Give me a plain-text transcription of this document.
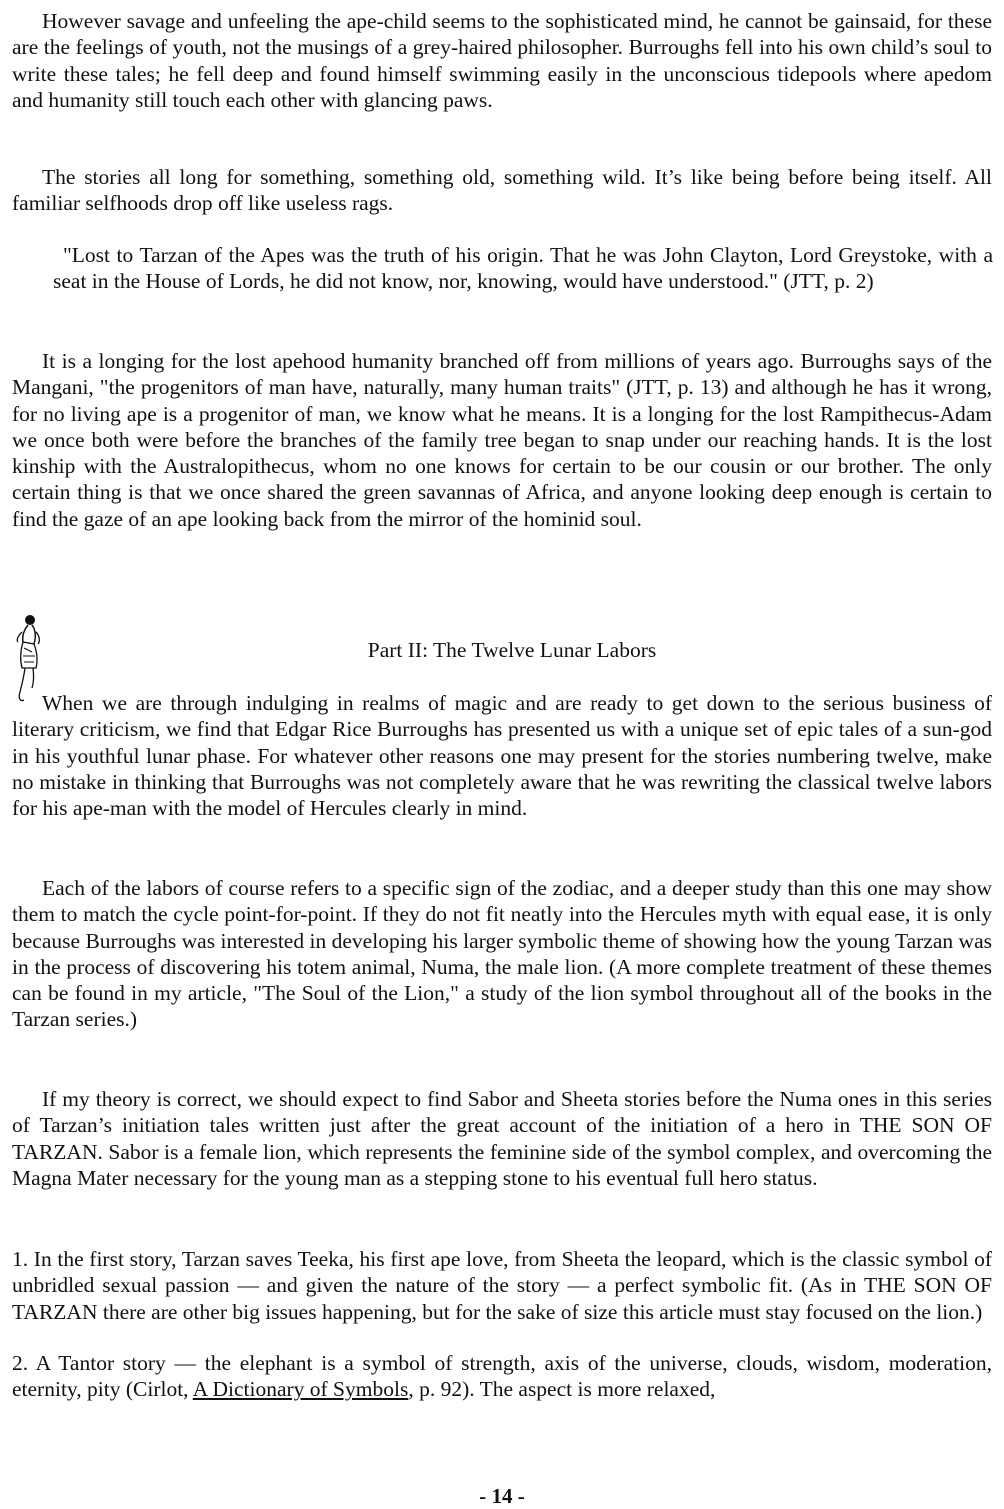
However savage and unfeeling the ape-child seems to the sophisticated mind, he cannot be gainsaid, for these are the feelings of youth, not the musings of a grey-haired philosopher. Burroughs fell into his own child’s soul to write these tales; he fell deep and found himself swimming easily in the unconscious tidepools where apedom and humanity still touch each other with glancing paws.

The stories all long for something, something old, something wild. It’s like being before being itself. All familiar selfhoods drop off like useless rags.

"Lost to Tarzan of the Apes was the truth of his origin. That he was John Clayton, Lord Greystoke, with a seat in the House of Lords, he did not know, nor, knowing, would have understood." (JTT, p. 2)

It is a longing for the lost apehood humanity branched off from millions of years ago. Burroughs says of the Mangani, "the progenitors of man have, naturally, many human traits" (JTT, p. 13) and although he has it wrong, for no living ape is a progenitor of man, we know what he means. It is a longing for the lost Rampithecus-Adam we once both were before the branches of the family tree began to snap under our reaching hands. It is the lost kinship with the Australopithecus, whom no one knows for certain to be our cousin or our brother. The only certain thing is that we once shared the green savannas of Africa, and anyone looking deep enough is certain to find the gaze of an ape looking back from the mirror of the hominid soul.

Part II: The Twelve Lunar Labors

When we are through indulging in realms of magic and are ready to get down to the serious business of literary criticism, we find that Edgar Rice Burroughs has presented us with a unique set of epic tales of a sun-god in his youthful lunar phase. For whatever other reasons one may present for the stories numbering twelve, make no mistake in thinking that Burroughs was not completely aware that he was rewriting the classical twelve labors for his ape-man with the model of Hercules clearly in mind.

Each of the labors of course refers to a specific sign of the zodiac, and a deeper study than this one may show them to match the cycle point-for-point. If they do not fit neatly into the Hercules myth with equal ease, it is only because Burroughs was interested in developing his larger symbolic theme of showing how the young Tarzan was in the process of discovering his totem animal, Numa, the male lion. (A more complete treatment of these themes can be found in my article, "The Soul of the Lion," a study of the lion symbol throughout all of the books in the Tarzan series.)

If my theory is correct, we should expect to find Sabor and Sheeta stories before the Numa ones in this series of Tarzan’s initiation tales written just after the great account of the initiation of a hero in THE SON OF TARZAN. Sabor is a female lion, which represents the feminine side of the symbol complex, and overcoming the Magna Mater necessary for the young man as a stepping stone to his eventual full hero status.

1. In the first story, Tarzan saves Teeka, his first ape love, from Sheeta the leopard, which is the classic symbol of unbridled sexual passion — and given the nature of the story — a perfect symbolic fit. (As in THE SON OF TARZAN there are other big issues happening, but for the sake of size this article must stay focused on the lion.)

2. A Tantor story — the elephant is a symbol of strength, axis of the universe, clouds, wisdom, moderation, eternity, pity (Cirlot, A Dictionary of Symbols, p. 92). The aspect is more relaxed,

- 14 -
